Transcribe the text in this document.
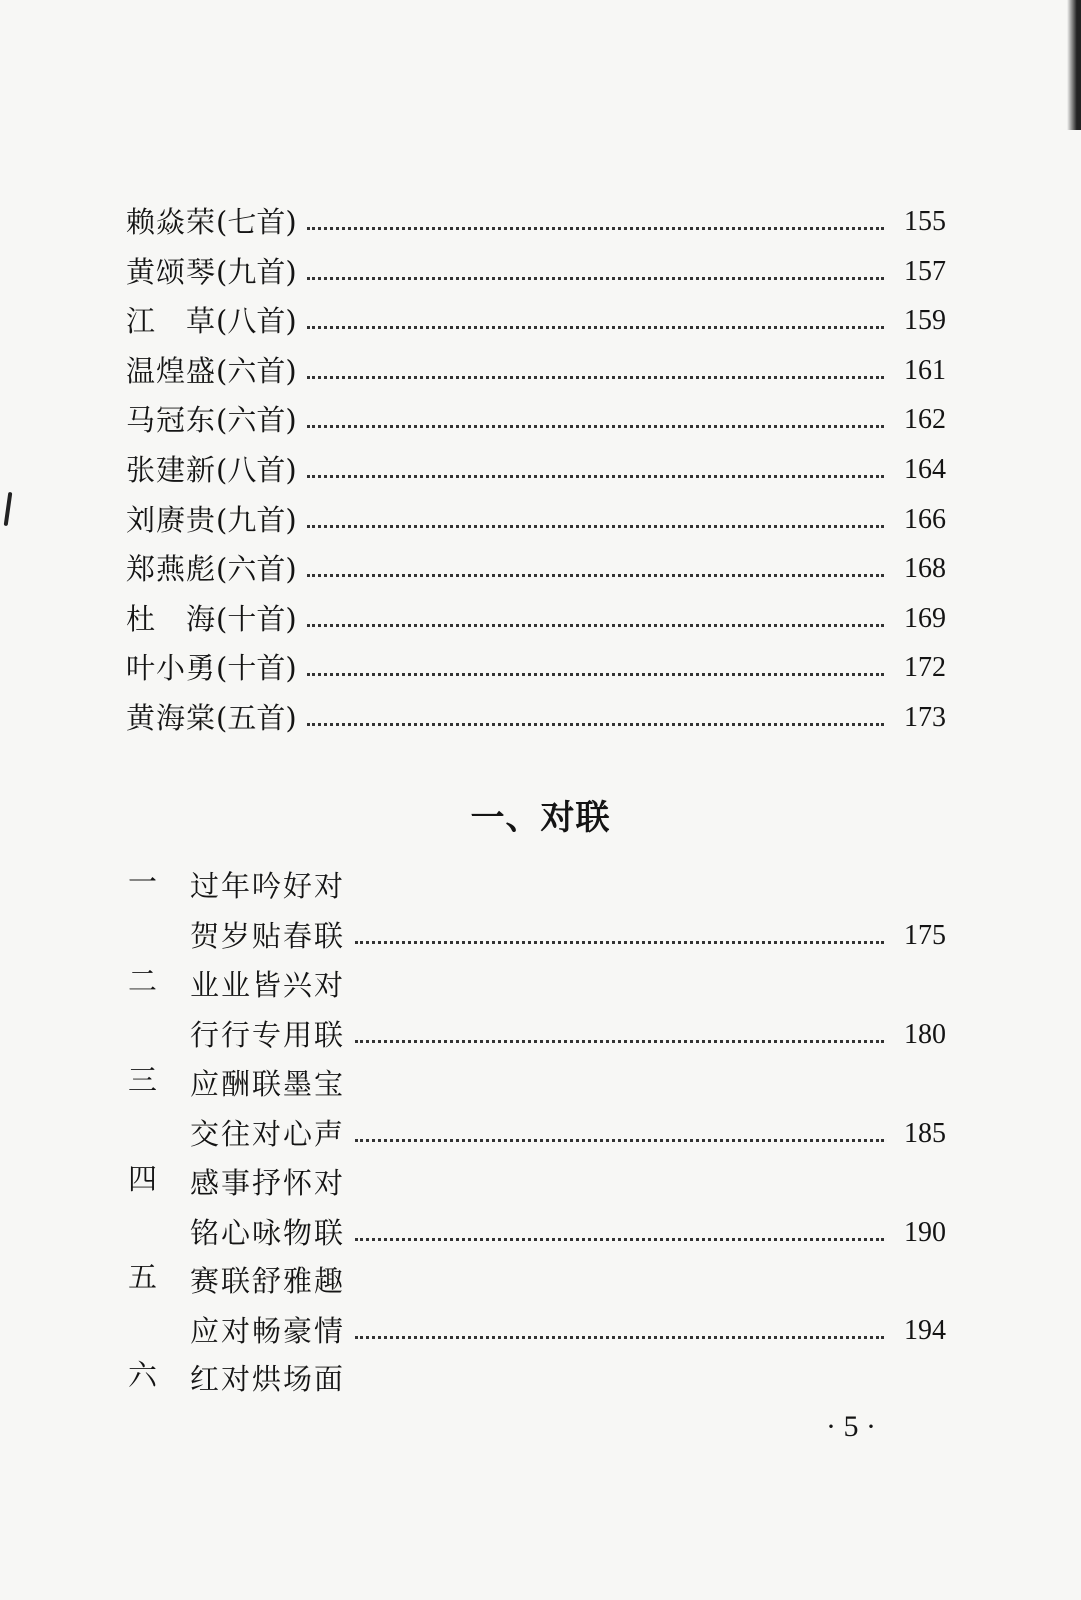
赖焱荣 (七首)	155
黄颂琴 (九首)	157
江　草 (八首)	159
温煌盛 (六首)	161
马冠东 (六首)	162
张建新 (八首)	164
刘赓贵 (九首)	166
郑燕彪 (六首)	168
杜　海 (十首)	169
叶小勇 (十首)	172
黄海棠 (五首)	173
一、对联
一 过年吟好对
贺岁贴春联	175
二 业业皆兴对
行行专用联	180
三 应酬联墨宝
交往对心声	185
四 感事抒怀对
铭心咏物联	190
五 赛联舒雅趣
应对畅豪情	194
六 红对烘场面
· 5 ·
